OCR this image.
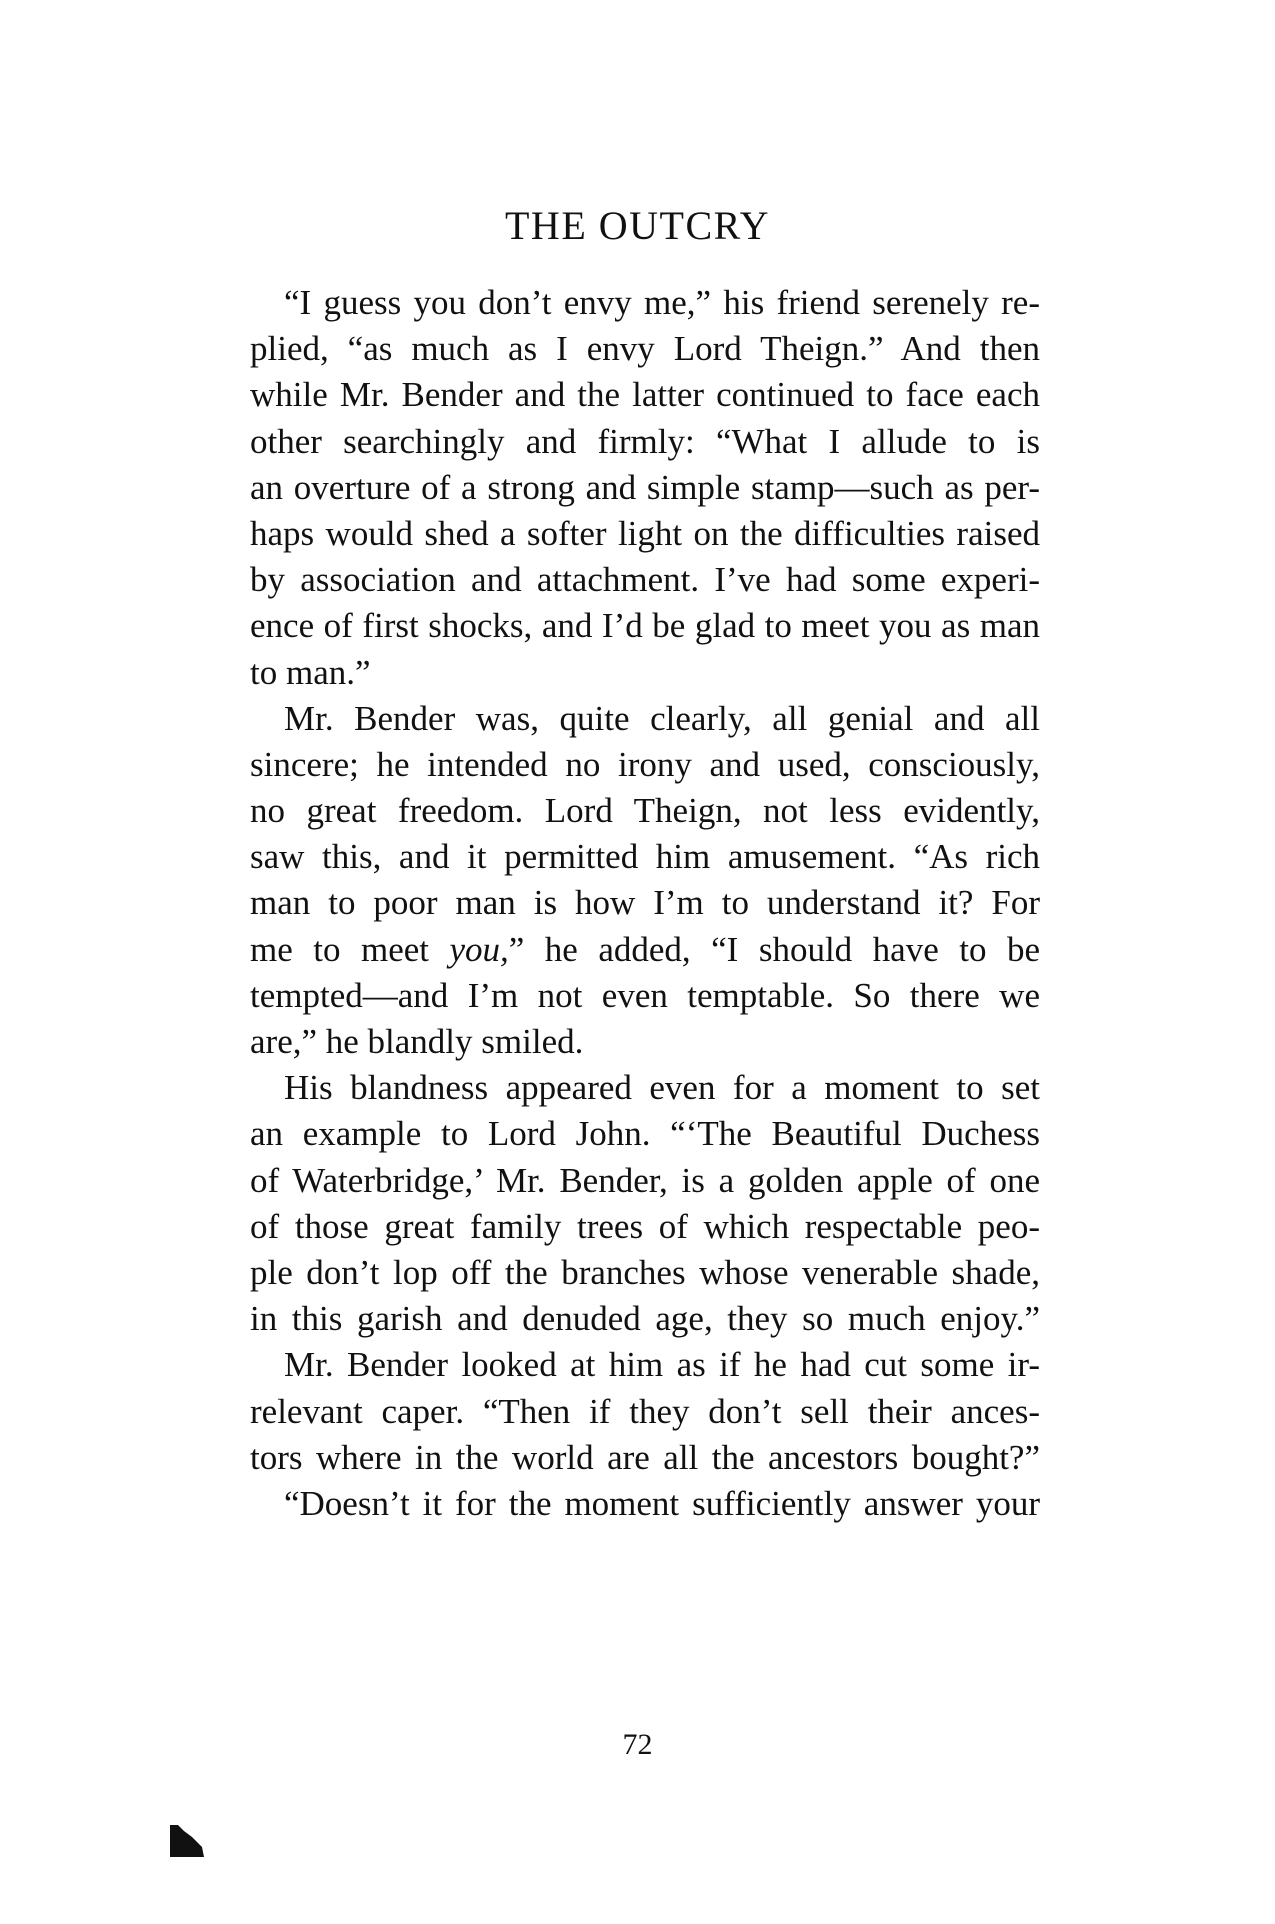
THE OUTCRY
“I guess you don’t envy me,” his friend serenely re-
plied, “as much as I envy Lord Theign.” And then
while Mr. Bender and the latter continued to face each
other searchingly and firmly: “What I allude to is
an overture of a strong and simple stamp—such as per-
haps would shed a softer light on the difficulties raised
by association and attachment. I’ve had some experi-
ence of first shocks, and I’d be glad to meet you as man
to man.”
Mr. Bender was, quite clearly, all genial and all
sincere; he intended no irony and used, consciously,
no great freedom. Lord Theign, not less evidently,
saw this, and it permitted him amusement. “As rich
man to poor man is how I’m to understand it? For
me to meet you,” he added, “I should have to be
tempted—and I’m not even temptable. So there we
are,” he blandly smiled.
His blandness appeared even for a moment to set
an example to Lord John. “‘The Beautiful Duchess
of Waterbridge,’ Mr. Bender, is a golden apple of one
of those great family trees of which respectable peo-
ple don’t lop off the branches whose venerable shade,
in this garish and denuded age, they so much enjoy.”
Mr. Bender looked at him as if he had cut some ir-
relevant caper. “Then if they don’t sell their ances-
tors where in the world are all the ancestors bought?”
“Doesn’t it for the moment sufficiently answer your
72
